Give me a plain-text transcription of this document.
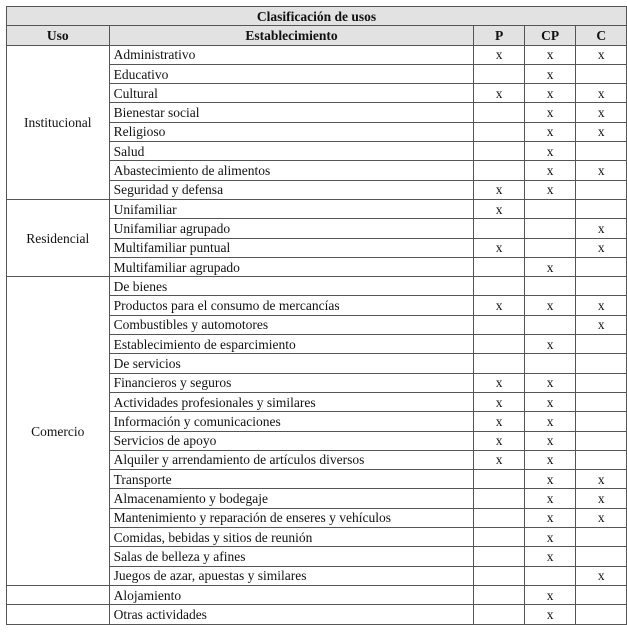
Clasificación de usos				
Uso	Establecimiento	P	CP	C
Institucional	Administrativo	x	x	x
	Educativo		x	
	Cultural	x	x	x
	Bienestar social		x	x
	Religioso		x	x
	Salud		x	
	Abastecimiento de alimentos		x	x
	Seguridad y defensa	x	x	
Residencial	Unifamiliar	x		
	Unifamiliar agrupado			x
	Multifamiliar puntual	x		x
	Multifamiliar agrupado		x	
Comercio	De bienes			
	Productos para el consumo de mercancías	x	x	x
	Combustibles y automotores			x
	Establecimiento de esparcimiento		x	
	De servicios			
	Financieros y seguros	x	x	
	Actividades profesionales y similares	x	x	
	Información y comunicaciones	x	x	
	Servicios de apoyo	x	x	
	Alquiler y arrendamiento de artículos diversos	x	x	
	Transporte		x	x
	Almacenamiento y bodegaje		x	x
	Mantenimiento y reparación de enseres y vehículos		x	x
	Comidas, bebidas y sitios de reunión		x	
	Salas de belleza y afines		x	
	Juegos de azar, apuestas y similares			x
	Alojamiento		x	
	Otras actividades		x	
